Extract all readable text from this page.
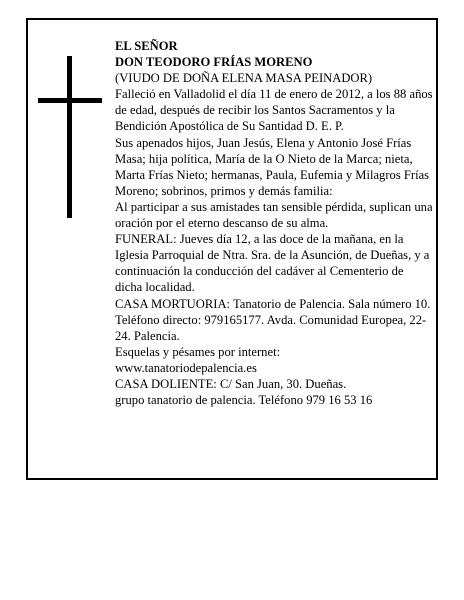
EL SEÑOR

DON TEODORO FRÍAS MORENO

(VIUDO DE DOÑA ELENA MASA PEINADOR)

Falleció en Valladolid el día 11 de enero de 2012, a los 88 años de edad, después de recibir los Santos Sacramentos y la Bendición Apostólica de Su Santidad D. E. P.

Sus apenados hijos, Juan Jesús, Elena y Antonio José Frías Masa; hija política, María de la O Nieto de la Marca; nieta, Marta Frías Nieto; hermanas, Paula, Eufemia y Milagros Frías Moreno; sobrinos, primos y demás familia:

Al participar a sus amistades tan sensible pérdida, suplican una oración por el eterno descanso de su alma.

FUNERAL: Jueves día 12, a las doce de la mañana, en la Iglesia Parroquial de Ntra. Sra. de la Asunción, de Dueñas, y a continuación la conducción del cadáver al Cementerio de dicha localidad.

CASA MORTUORIA: Tanatorio de Palencia. Sala número 10. Teléfono directo: 979165177. Avda. Comunidad Europea, 22-24. Palencia.

Esquelas y pésames por internet:

www.tanatoriodepalencia.es

CASA DOLIENTE: C/ San Juan, 30. Dueñas.

grupo tanatorio de palencia. Teléfono 979 16 53 16
